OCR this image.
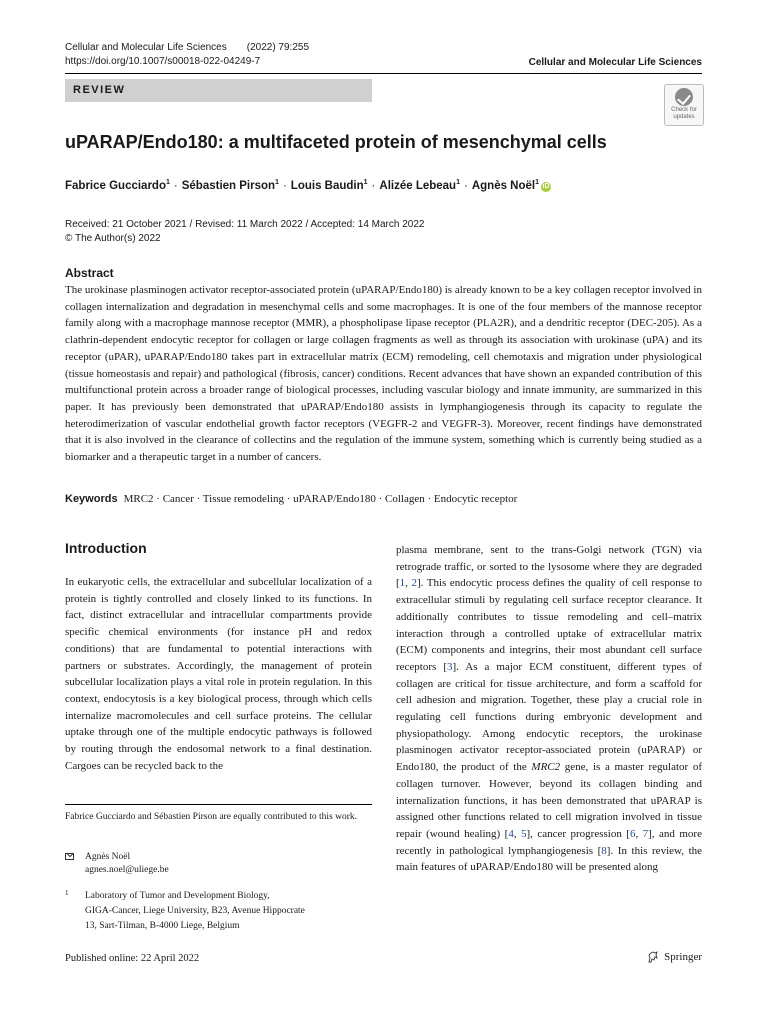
Cellular and Molecular Life Sciences (2022) 79:255
https://doi.org/10.1007/s00018-022-04249-7	Cellular and Molecular Life Sciences
REVIEW
Check for updates
uPARAP/Endo180: a multifaceted protein of mesenchymal cells
Fabrice Gucciardo$^1$ · Sébastien Pirson$^1$ · Louis Baudin$^1$ · Alizée Lebeau$^1$ · Agnès Noël$^1$iD
Received: 21 October 2021 / Revised: 11 March 2022 / Accepted: 14 March 2022
© The Author(s) 2022
Abstract

The urokinase plasminogen activator receptor-associated protein (uPARAP/Endo180) is already known to be a key collagen receptor involved in collagen internalization and degradation in mesenchymal cells and some macrophages. It is one of the four members of the mannose receptor family along with a macrophage mannose receptor (MMR), a phospholipase lipase receptor (PLA2R), and a dendritic receptor (DEC-205). As a clathrin-dependent endocytic receptor for collagen or large collagen fragments as well as through its association with urokinase (uPA) and its receptor (uPAR), uPARAP/Endo180 takes part in extracellular matrix (ECM) remodeling, cell chemotaxis and migration under physiological (tissue homeostasis and repair) and pathological (fibrosis, cancer) conditions. Recent advances that have shown an expanded contribution of this multifunctional protein across a broader range of biological processes, including vascular biology and innate immunity, are summarized in this paper. It has previously been demonstrated that uPARAP/Endo180 assists in lymphangiogenesis through its capacity to regulate the heterodimerization of vascular endothelial growth factor receptors (VEGFR-2 and VEGFR-3). Moreover, recent findings have demonstrated that it is also involved in the clearance of collectins and the regulation of the immune system, something which is currently being studied as a biomarker and a therapeutic target in a number of cancers.

Keywords MRC2 · Cancer · Tissue remodeling · uPARAP/Endo180 · Collagen · Endocytic receptor
Introduction

In eukaryotic cells, the extracellular and subcellular localization of a protein is tightly controlled and closely linked to its functions. In fact, distinct extracellular and intracellular compartments provide specific chemical environments (for instance pH and redox conditions) that are fundamental to potential interactions with partners or substrates. Accordingly, the management of protein subcellular localization plays a vital role in protein regulation. In this context, endocytosis is a key biological process, through which cells internalize macromolecules and cell surface proteins. The cellular uptake through one of the multiple endocytic pathways is followed by routing through the endosomal network to a final destination. Cargoes can be recycled back to the

plasma membrane, sent to the trans-Golgi network (TGN) via retrograde traffic, or sorted to the lysosome where they are degraded [1, 2]. This endocytic process defines the quality of cell response to extracellular stimuli by regulating cell surface receptor clearance. It additionally contributes to tissue remodeling and cell–matrix interaction through a controlled uptake of extracellular matrix (ECM) components and integrins, their most abundant cell surface receptors [3]. As a major ECM constituent, different types of collagen are critical for tissue architecture, and form a scaffold for cell adhesion and migration. Together, these play a crucial role in regulating cell functions during embryonic development and physiopathology. Among endocytic receptors, the urokinase plasminogen activator receptor-associated protein (uPARAP) or Endo180, the product of the MRC2 gene, is a master regulator of collagen turnover. However, beyond its collagen binding and internalization functions, it has been demonstrated that uPARAP is assigned other functions related to cell migration involved in tissue repair (wound healing) [4, 5], cancer progression [6, 7], and more recently in pathological lymphangiogenesis [8]. In this review, the main features of uPARAP/Endo180 will be presented along

Fabrice Gucciardo and Sébastien Pirson are equally contributed to this work.
Agnès Noël
agnes.noel@uliege.be
1 Laboratory of Tumor and Development Biology,
GIGA-Cancer, Liege University, B23, Avenue Hippocrate
13, Sart-Tilman, B-4000 Liege, Belgium
Published online: 22 April 2022	Springer
